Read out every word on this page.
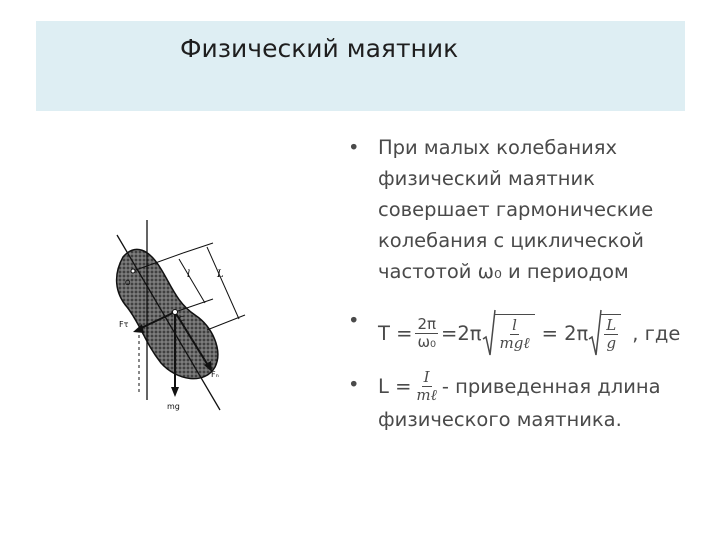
Физический маятник
l	L
mg
Fτ
Fₙ
O
C
• При малых колебаниях физический маятник совершает гармонические колебания с циклической частотой ω₀ и периодом
•
$T = \frac{2\pi}{\text{ω₀}} =2\pi \frac{l}{\text{mgℓ}} = 2\pi \frac{L}{g}$ , где
• $L = \frac{I}{\text{mℓ}}$ - приведенная длина
физического маятника.
